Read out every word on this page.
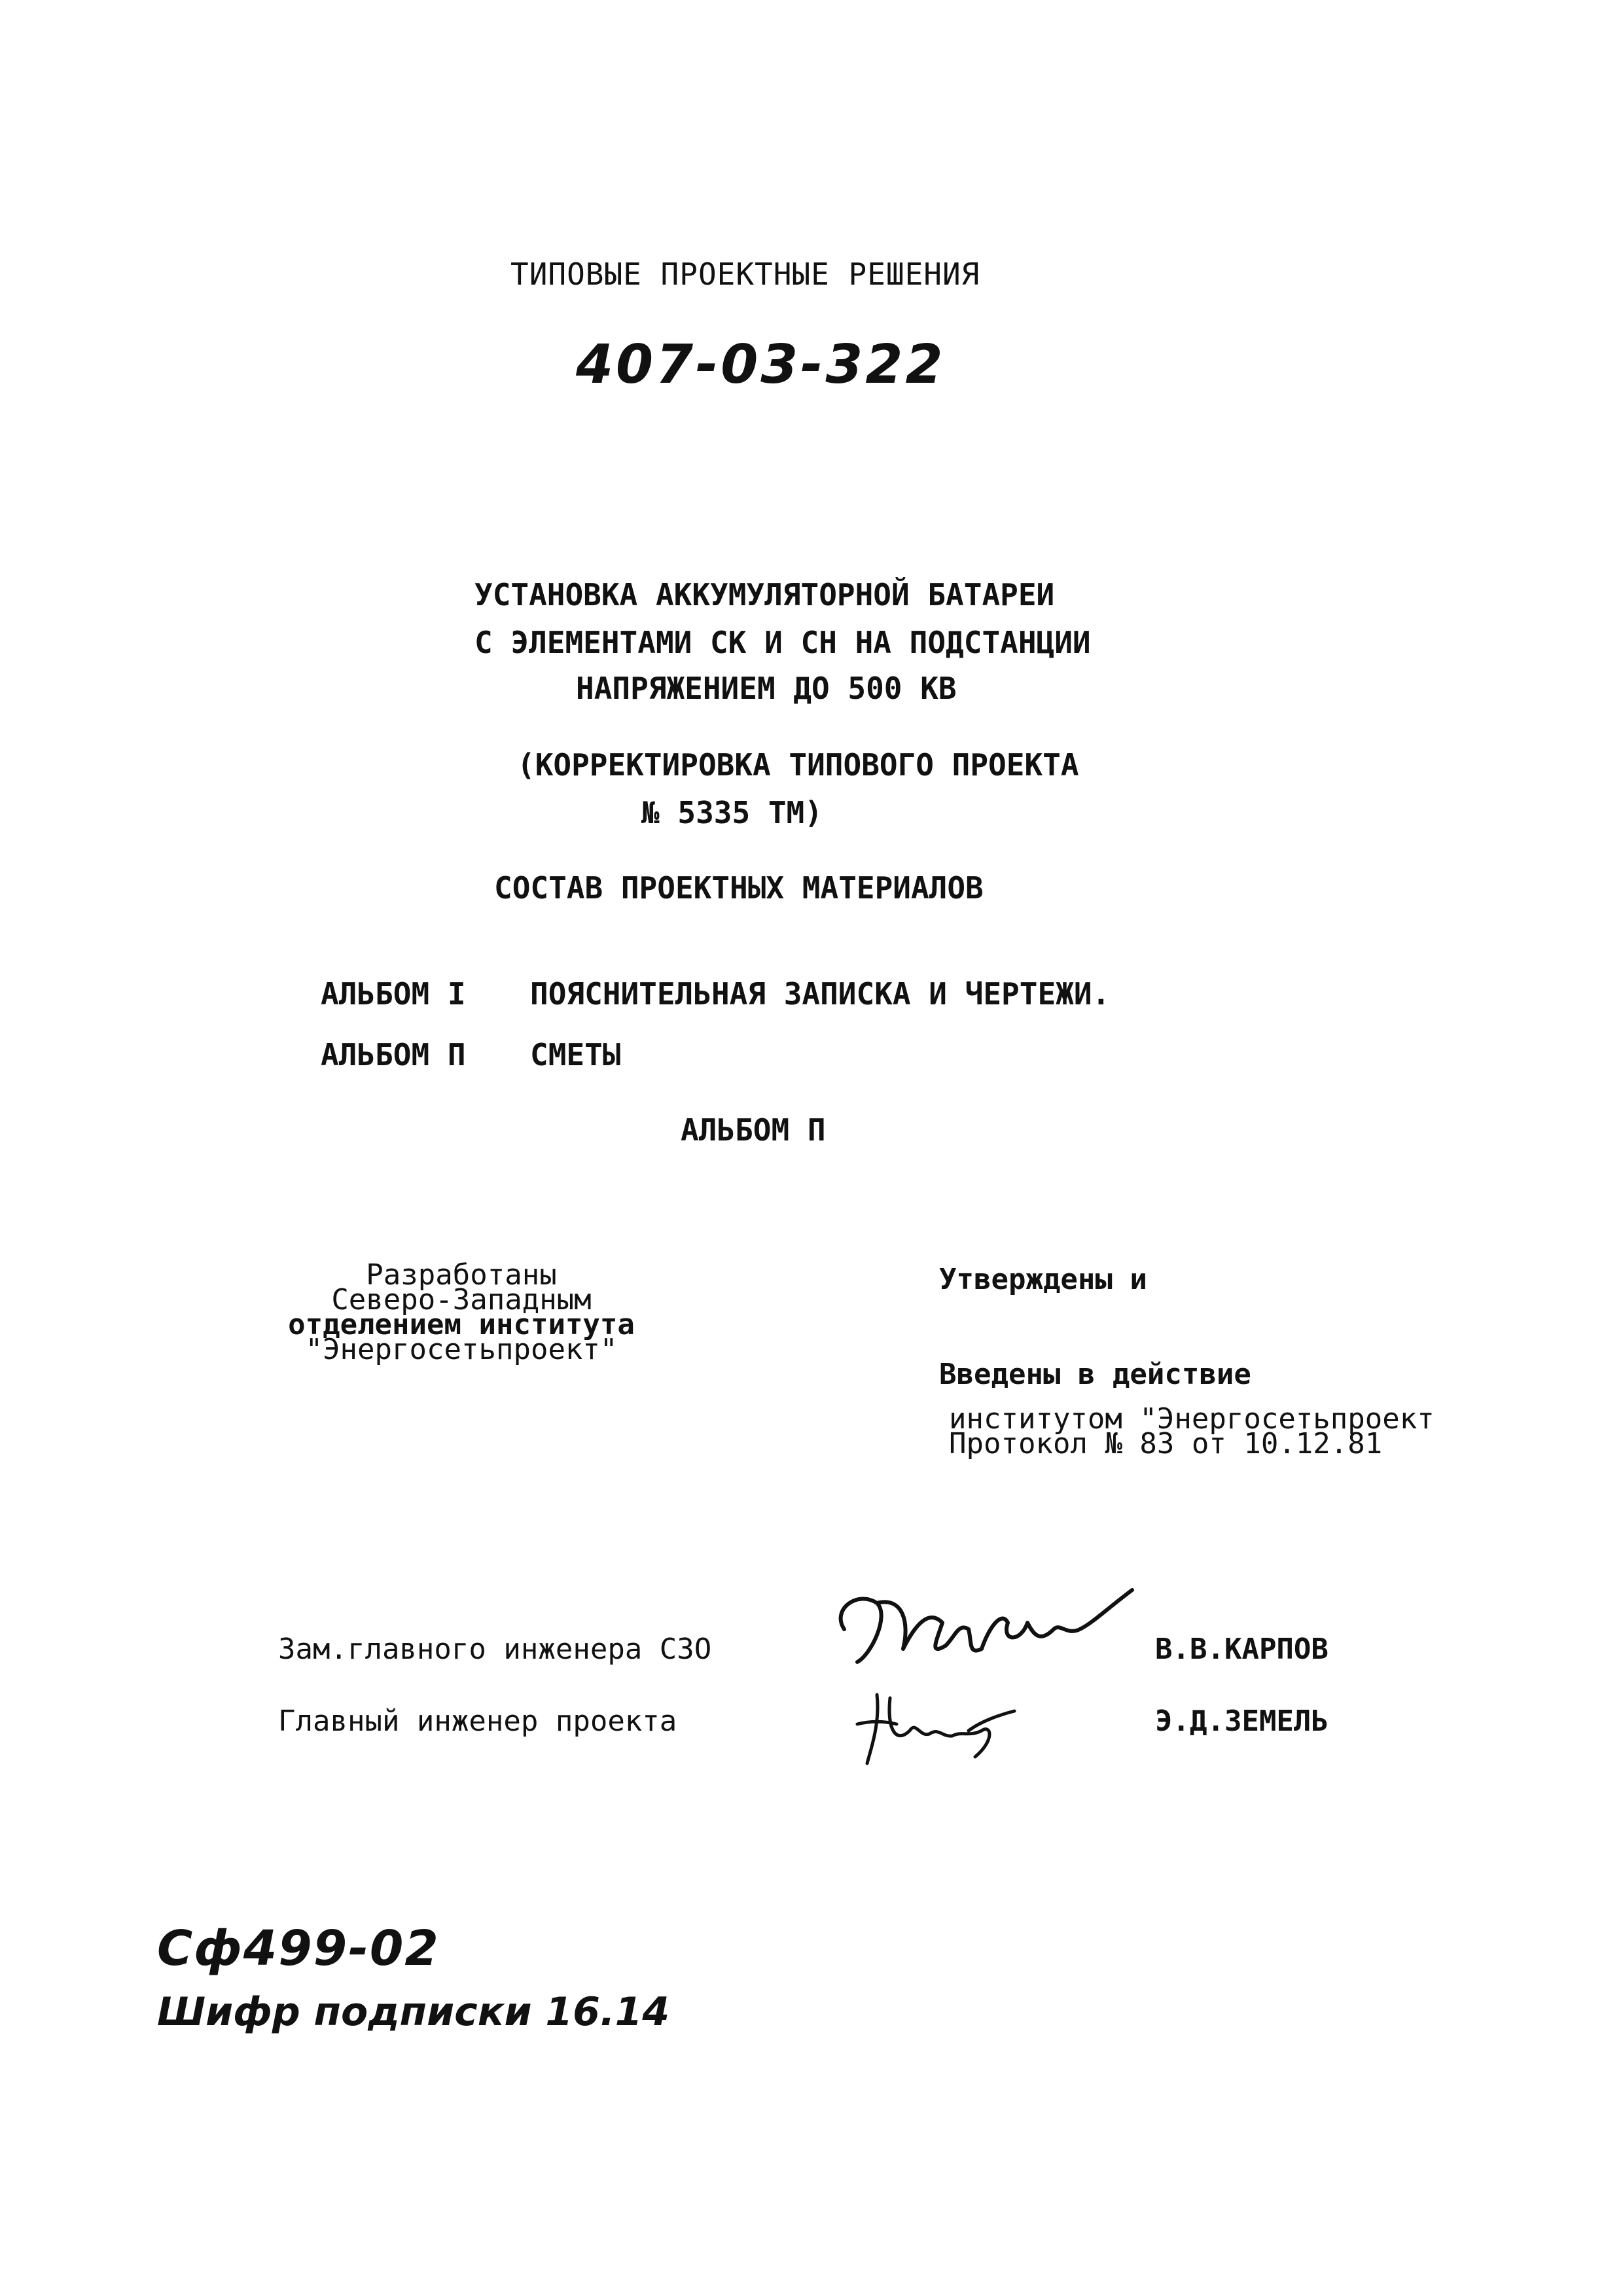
ТИПОВЫЕ ПРОЕКТНЫЕ РЕШЕНИЯ
407-03-322
УСТАНОВКА АККУМУЛЯТОРНОЙ БАТАРЕИ
С ЭЛЕМЕНТАМИ СК И СН НА ПОДСТАНЦИИ
НАПРЯЖЕНИЕМ ДО 500 КВ
(КОРРЕКТИРОВКА ТИПОВОГО ПРОЕКТА
№ 5335 ТМ)
СОСТАВ ПРОЕКТНЫХ МАТЕРИАЛОВ
АЛЬБОМ I ПОЯСНИТЕЛЬНАЯ ЗАПИСКА И ЧЕРТЕЖИ.
АЛЬБОМ П СМЕТЫ
АЛЬБОМ П
Разработаны
Северо-Западным
отделением института
"Энергосетьпроект"
Утверждены и
Введены в действие
институтом "Энергосетьпроект
Протокол № 83 от 10.12.81
Зам.главного инженера СЗО
Главный инженер проекта
В.В.КАРПОВ
Э.Д.ЗЕМЕЛЬ
Сф499-02
Шифр подписки 16.14
